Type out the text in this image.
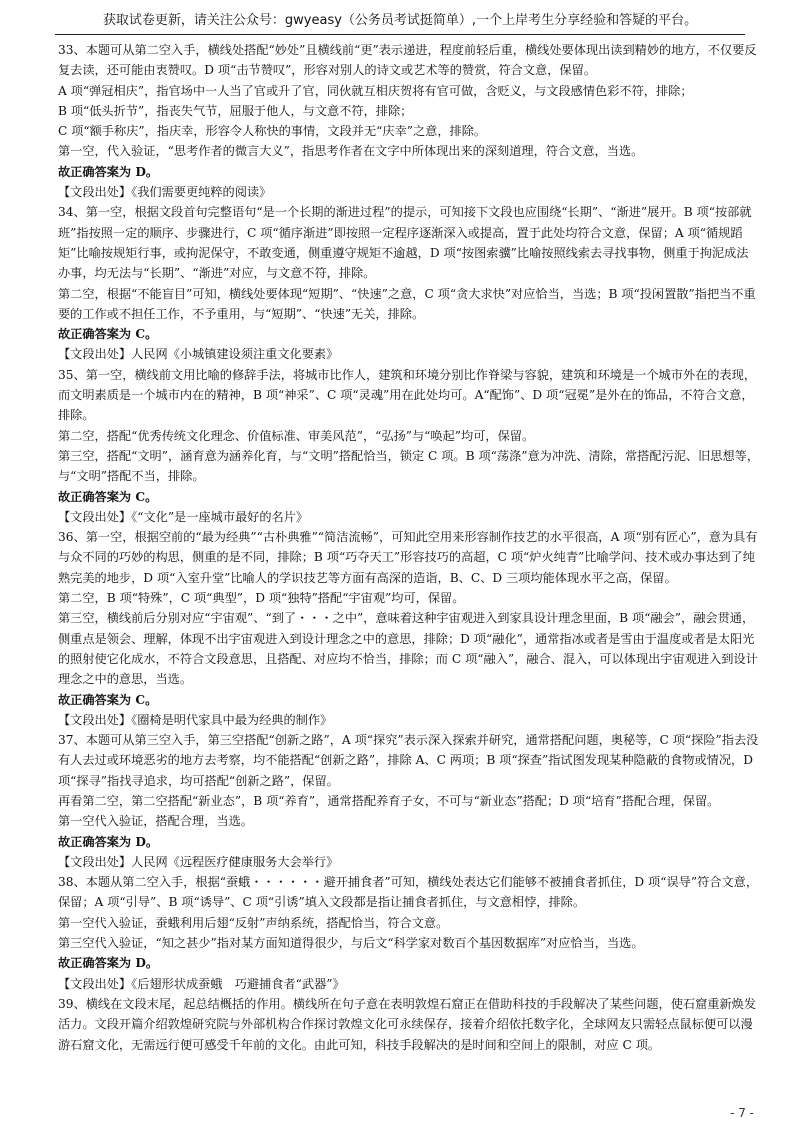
获取试卷更新，请关注公众号：gwyeasy（公务员考试挺简单）,一个上岸考生分享经验和答疑的平台。

33、本题可从第二空入手，横线处搭配“妙处”且横线前“更”表示递进，程度前轻后重，横线处要体现出读到精妙的地方，不仅要反复去读，还可能由衷赞叹。D 项“击节赞叹”，形容对别人的诗文或艺术等的赞赏，符合文意，保留。

A 项“弹冠相庆”，指官场中一人当了官或升了官，同伙就互相庆贺将有官可做，含贬义，与文段感情色彩不符，排除；

B 项“低头折节”，指丧失气节，屈服于他人，与文意不符，排除；

C 项“额手称庆”，指庆幸，形容令人称快的事情，文段并无“庆幸”之意，排除。

第一空，代入验证，“思考作者的微言大义”，指思考作者在文字中所体现出来的深刻道理，符合文意，当选。

故正确答案为 D。

【文段出处】《我们需要更纯粹的阅读》

34、第一空，根据文段首句完整语句“是一个长期的渐进过程”的提示，可知接下文段也应围绕“长期”、“渐进”展开。B 项“按部就班”指按照一定的顺序、步骤进行，C 项“循序渐进”即按照一定程序逐渐深入或提高，置于此处均符合文意，保留；A 项“循规蹈矩”比喻按规矩行事，或拘泥保守，不敢变通，侧重遵守规矩不逾越，D 项“按图索骥”比喻按照线索去寻找事物，侧重于拘泥成法办事，均无法与“长期”、“渐进”对应，与文意不符，排除。

第二空，根据“不能盲目”可知，横线处要体现“短期”、“快速”之意，C 项“贪大求快”对应恰当，当选；B 项“投闲置散”指把当不重要的工作或不担任工作，不予重用，与“短期”、“快速”无关，排除。

故正确答案为 C。

【文段出处】人民网《小城镇建设须注重文化要素》

35、第一空，横线前文用比喻的修辞手法，将城市比作人，建筑和环境分别比作脊梁与容貌，建筑和环境是一个城市外在的表现，而文明素质是一个城市内在的精神，B 项“神采”、C 项“灵魂”用在此处均可。A“配饰”、D 项“冠冕”是外在的饰品，不符合文意，排除。

第二空，搭配“优秀传统文化理念、价值标准、审美风范”，“弘扬”与“唤起”均可，保留。

第三空，搭配“文明”，涵育意为涵养化育，与“文明”搭配恰当，锁定 C 项。B 项“荡涤”意为冲洗、清除，常搭配污泥、旧思想等，与“文明”搭配不当，排除。

故正确答案为 C。

【文段出处】《“文化”是一座城市最好的名片》

36、第一空，根据空前的“最为经典”“古朴典雅”“简洁流畅”，可知此空用来形容制作技艺的水平很高，A 项“别有匠心”，意为具有与众不同的巧妙的构思，侧重的是不同，排除；B 项“巧夺天工”形容技巧的高超，C 项“炉火纯青”比喻学问、技术或办事达到了纯熟完美的地步，D 项“入室升堂”比喻人的学识技艺等方面有高深的造诣，B、C、D 三项均能体现水平之高，保留。

第二空，B 项“特殊”，C 项“典型”，D 项“独特”搭配“宇宙观”均可，保留。

第三空，横线前后分别对应“宇宙观”、“到了・・・之中”，意味着这种宇宙观进入到家具设计理念里面，B 项“融会”，融会贯通，侧重点是领会、理解，体现不出宇宙观进入到设计理念之中的意思，排除；D 项“融化”，通常指冰或者是雪由于温度或者是太阳光的照射使它化成水，不符合文段意思，且搭配、对应均不恰当，排除；而 C 项“融入”，融合、混入，可以体现出宇宙观进入到设计理念之中的意思，当选。

故正确答案为 C。

【文段出处】《圈椅是明代家具中最为经典的制作》

37、本题可从第三空入手，第三空搭配“创新之路”，A 项“探究”表示深入探索并研究，通常搭配问题，奥秘等，C 项“探险”指去没有人去过或环境恶劣的地方去考察，均不能搭配“创新之路”，排除 A、C 两项；B 项“探查”指试图发现某种隐蔽的食物或情况，D 项“探寻”指找寻追求，均可搭配“创新之路”，保留。

再看第二空，第二空搭配“新业态”，B 项“养育”，通常搭配养育子女，不可与“新业态”搭配；D 项“培育”搭配合理，保留。

第一空代入验证，搭配合理，当选。

故正确答案为 D。

【文段出处】人民网《远程医疗健康服务大会举行》

38、本题从第二空入手，根据“蚕蛾・・・・・・避开捕食者”可知，横线处表达它们能够不被捕食者抓住，D 项“误导”符合文意，保留；A 项“引导”、B 项“诱导”、C 项“引诱”填入文段都是指让捕食者抓住，与文意相悖，排除。

第一空代入验证，蚕蛾利用后翅“反射”声纳系统，搭配恰当，符合文意。

第三空代入验证，“知之甚少”指对某方面知道得很少，与后文“科学家对数百个基因数据库”对应恰当，当选。

故正确答案为 D。

【文段出处】《后翅形状成蚕蛾　巧避捕食者“武器”》

39、横线在文段末尾，起总结概括的作用。横线所在句子意在表明敦煌石窟正在借助科技的手段解决了某些问题，使石窟重新焕发活力。文段开篇介绍敦煌研究院与外部机构合作探讨敦煌文化可永续保存，接着介绍依托数字化，全球网友只需轻点鼠标便可以漫游石窟文化，无需远行便可感受千年前的文化。由此可知，科技手段解决的是时间和空间上的限制，对应 C 项。

- 7 -
